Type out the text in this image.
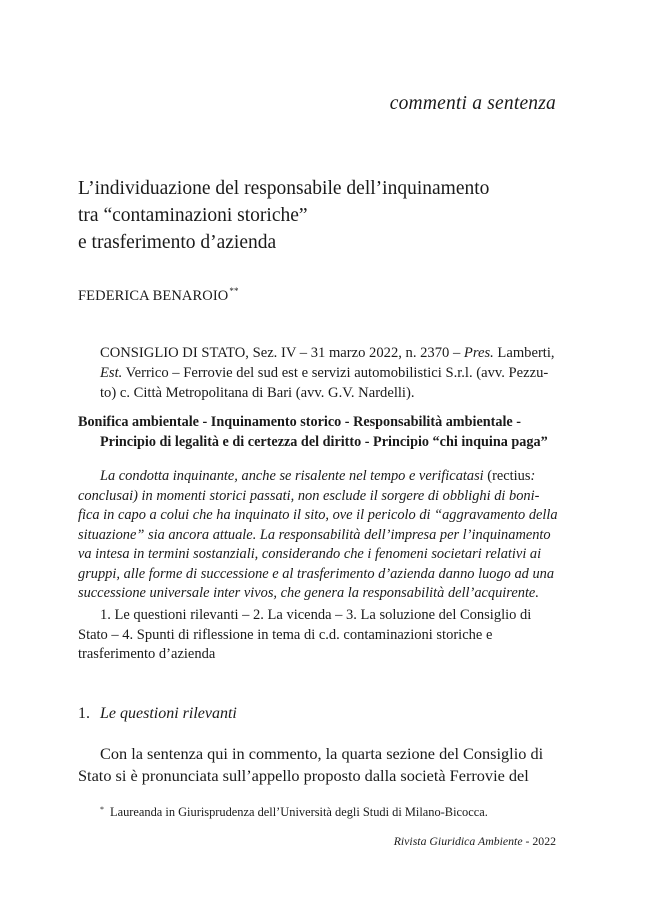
commenti a sentenza
L’individuazione del responsabile dell’inquinamento
tra “contaminazioni storiche”
e trasferimento d’azienda
FEDERICA BENAROIO**
CONSIGLIO DI STATO, Sez. IV – 31 marzo 2022, n. 2370 – Pres. Lamberti,
Est. Verrico – Ferrovie del sud est e servizi automobilistici S.r.l. (avv. Pezzu-
to) c. Città Metropolitana di Bari (avv. G.V. Nardelli).
Bonifica ambientale - Inquinamento storico - Responsabilità ambientale -
Principio di legalità e di certezza del diritto - Principio “chi inquina paga”
La condotta inquinante, anche se risalente nel tempo e verificatasi (rectius:
conclusai) in momenti storici passati, non esclude il sorgere di obblighi di boni-
fica in capo a colui che ha inquinato il sito, ove il pericolo di “aggravamento della
situazione” sia ancora attuale. La responsabilità dell’impresa per l’inquinamento
va intesa in termini sostanziali, considerando che i fenomeni societari relativi ai
gruppi, alle forme di successione e al trasferimento d’azienda danno luogo ad una
successione universale inter vivos, che genera la responsabilità dell’acquirente.
1. Le questioni rilevanti – 2. La vicenda – 3. La soluzione del Consiglio di
Stato – 4. Spunti di riflessione in tema di c.d. contaminazioni storiche e
trasferimento d’azienda
1. Le questioni rilevanti
Con la sentenza qui in commento, la quarta sezione del Consiglio di
Stato si è pronunciata sull’appello proposto dalla società Ferrovie del
* Laureanda in Giurisprudenza dell’Università degli Studi di Milano-Bicocca.
Rivista Giuridica Ambiente - 2022
